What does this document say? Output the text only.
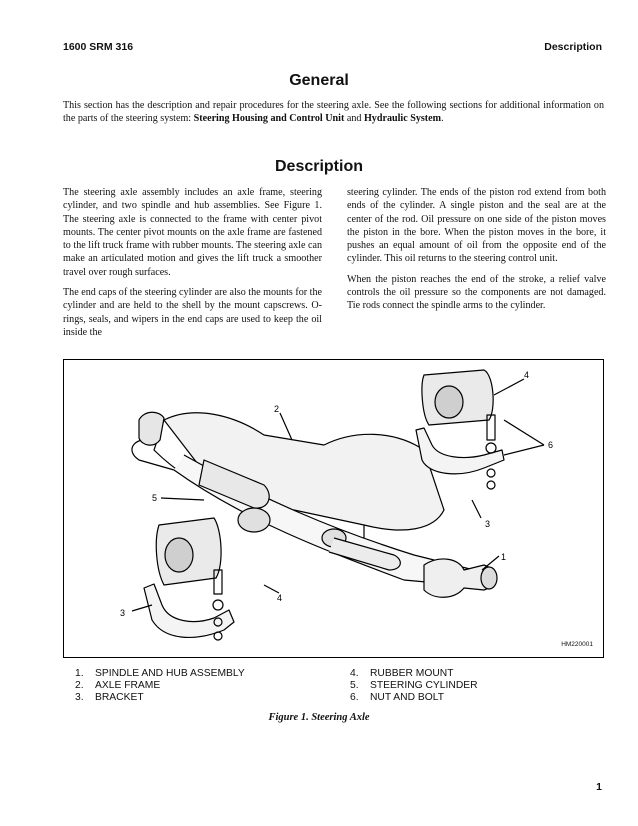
1600 SRM 316	Description
General

This section has the description and repair procedures for the steering axle. See the following sections for additional information on the parts of the steering system: Steering Housing and Control Unit and Hydraulic System.

Description

The steering axle assembly includes an axle frame, steering cylinder, and two spindle and hub assemblies. See Figure 1. The steering axle is connected to the frame with center pivot mounts. The center pivot mounts on the axle frame are fastened to the lift truck frame with rubber mounts. The steering axle can make an articulated motion and gives the lift truck a smoother travel over rough surfaces.

The end caps of the steering cylinder are also the mounts for the cylinder and are held to the shell by the mount capscrews. O-rings, seals, and wipers in the end caps are used to keep the oil inside the

steering cylinder. The ends of the piston rod extend from both ends of the cylinder. A single piston and the seal are at the center of the rod. Oil pressure on one side of the piston moves the piston in the bore. When the piston moves in the bore, it pushes an equal amount of oil from the opposite end of the cylinder. This oil returns to the steering control unit.

When the piston reaches the end of the stroke, a relief valve controls the oil pressure so the components are not damaged. Tie rods connect the spindle arms to the cylinder.

2
4
6
3
1
5
4
3
HM220001
1. SPINDLE AND HUB ASSEMBLY
2. AXLE FRAME
3. BRACKET
4. RUBBER MOUNT
5. STEERING CYLINDER
6. NUT AND BOLT
Figure 1. Steering Axle
1
